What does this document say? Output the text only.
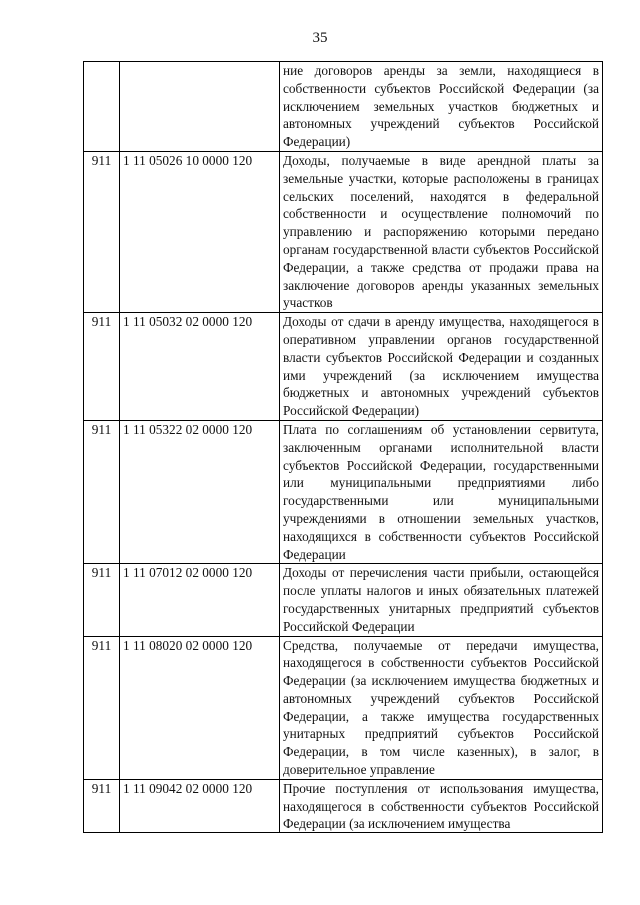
35
		ние договоров аренды за земли, находящиеся в собственности субъектов Российской Федерации (за исключением земельных участков бюджетных и автономных учреждений субъектов Российской Федерации)
911	1 11 05026 10 0000 120	Доходы, получаемые в виде арендной платы за земельные участки, которые расположены в границах сельских поселений, находятся в федеральной собственности и осуществление полномочий по управлению и распоряжению которыми передано органам государственной власти субъектов Российской Федерации, а также средства от продажи права на заключение договоров аренды указанных земельных участков
911	1 11 05032 02 0000 120	Доходы от сдачи в аренду имущества, находящегося в оперативном управлении органов государственной власти субъектов Российской Федерации и созданных ими учреждений (за исключением имущества бюджетных и автономных учреждений субъектов Российской Федерации)
911	1 11 05322 02 0000 120	Плата по соглашениям об установлении сервитута, заключенным органами исполнительной власти субъектов Российской Федерации, государственными или муниципальными предприятиями либо государственными или муниципальными учреждениями в отношении земельных участков, находящихся в собственности субъектов Российской Федерации
911	1 11 07012 02 0000 120	Доходы от перечисления части прибыли, остающейся после уплаты налогов и иных обязательных платежей государственных унитарных предприятий субъектов Российской Федерации
911	1 11 08020 02 0000 120	Средства, получаемые от передачи имущества, находящегося в собственности субъектов Российской Федерации (за исключением имущества бюджетных и автономных учреждений субъектов Российской Федерации, а также имущества государственных унитарных предприятий субъектов Российской Федерации, в том числе казенных), в залог, в доверительное управление
911	1 11 09042 02 0000 120	Прочие поступления от использования имущества, находящегося в собственности субъектов Российской Федерации (за исключением имущества
